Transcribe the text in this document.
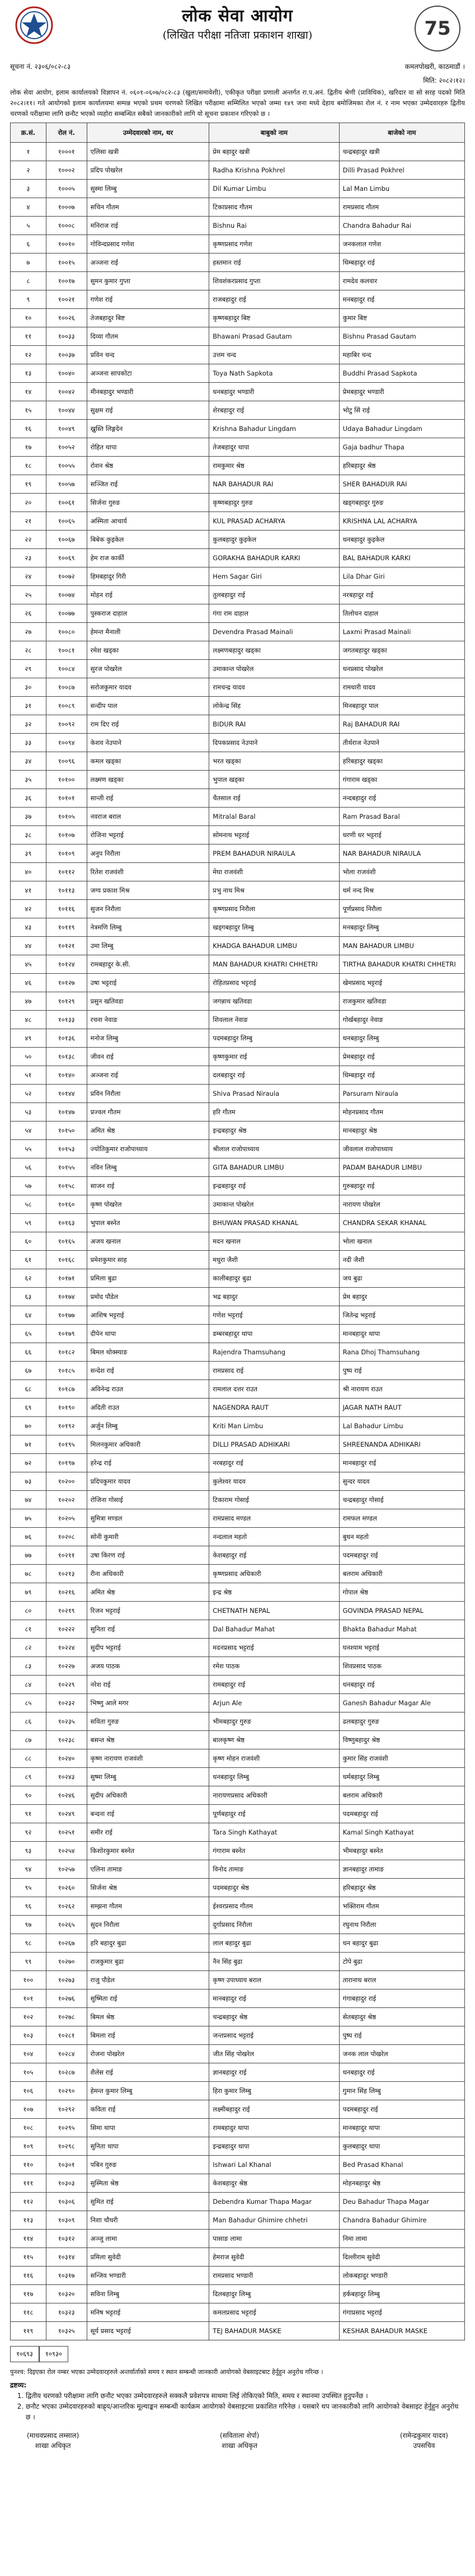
लोक सेवा आयोग
(लिखित परीक्षा नतिजा प्रकाशन शाखा)	75
सूचना नं. २३०६/०८२-८३	कमलपोखरी, काठमाडौं ।
मिति: २०८२।१२।
लोक सेवा आयोग, इलाम कार्यालयको विज्ञापन नं. ०६०१-०६०७/०८२-८३ (खुला/समावेशी), एकीकृत परीक्षा प्रणाली अन्तर्गत रा.प.अनं. द्वितीय श्रेणी (प्राविधिक), खरिदार वा सो सरह पदको मिति २०८२।११। गते आयोगको इलाम कार्यालयमा सम्पन्न भएको प्रथम चरणको लिखित परीक्षामा सम्मिलित भएको जम्मा १४९ जना मध्ये देहाय बमोजिमका रोल नं. र नाम भएका उम्मेदवारहरु द्वितीय चरणको परीक्षामा लागि छनौट भएको व्यहोरा सम्बन्धित सबैको जानकारीको लागि यो सूचना प्रकाशन गरिएको छ ।
क्र.सं.	रोल नं.	उम्मेदवारको नाम, थर	बाबुको नाम	बाजेको नाम
१	१०००१	एलिसा खत्री	प्रेम बहादुर खत्री	चन्द्रबहादुर खत्री
२	१०००२	प्रदिप पोखरेल	Radha Krishna Pokhrel	Dilli Prasad Pokhrel
३	१०००५	सुस्मा लिम्बु	Dil Kumar Limbu	Lal Man Limbu
४	१०००७	सचिन गौतम	टिकाप्रसाद गौतम	रामप्रसाद गौतम
५	१०००८	मनिराज राई	Bishnu Rai	Chandra Bahadur Rai
६	१००१०	गोविन्दप्रसाद गणेश	कृष्णप्रसाद गणेश	जनकलाल गणेश
७	१००१५	अञ्जना राई	हस्तमान राई	धिम्बहादुर राई
८	१००१७	सुमन कुमार गुप्ता	शिवशंकरप्रसाद गुप्ता	रामदेव कलवार
९	१००२१	गणेश राई	राजबहादुर राई	मनबहादुर राई
१०	१००२६	तेजबहादुर बिष्ट	कृष्णबहादुर बिष्ट	कुमार बिष्ट
११	१००३३	दिव्या गौतम	Bhawani Prasad Gautam	Bishnu Prasad Gautam
१२	१००३७	प्रविन चन्द	उत्तम चन्द	महाबिर चन्द
१३	१००४०	अञ्जना सापकोटा	Toya Nath Sapkota	Buddhi Prasad Sapkota
१४	१००४२	मीनबहादुर भण्डारी	धनबहादुर भण्डारी	प्रेमबहादुर भण्डारी
१५	१००४४	सुक्षम राई	शेरबहादुर राई	भोटु सिं राई
१६	१००४९	ख्रुस्ति लिङ्गदेन	Krishna Bahadur Lingdam	Udaya Bahadur Lingdam
१७	१००५२	रोहित थापा	तेजबहादुर थापा	Gaja badhur Thapa
१८	१००५५	रोशन श्रेष्ठ	रामकुमार श्रेष्ठ	हरिबहादुर श्रेष्ठ
१९	१००५७	सञ्जित राई	NAR BAHADUR RAI	SHER BAHADUR RAI
२०	१००६१	सिर्जना गुरुङ	कृष्णबहादुर गुरुङ	खड्गबहादुर गुरुङ
२१	१००६५	अस्मिता आचार्य	KUL PRASAD ACHARYA	KRISHNA LAL ACHARYA
२२	१००६७	बिबेक कुइकेल	कुलबहादुर कुइकेल	धनबहादुर कुइकेल
२३	१००६९	हेम राज कार्की	GORAKHA BAHADUR KARKI	BAL BAHADUR KARKI
२४	१००७२	हिमबहादुर गिरी	Hem Sagar Giri	Lila Dhar Giri
२५	१००७४	मोहन राई	तुलबहादुर राई	नरबहादुर राई
२६	१००७७	पुस्कराज दाहाल	गंगा राम दाहाल	तिलोचन दाहाल
२७	१००८०	हेमन्त मैनाली	Devendra Prasad Mainali	Laxmi Prasad Mainali
२८	१००८१	रमेश खड्का	लक्ष्मणबहादुर खड्का	जगतबहादुर खड्का
२९	१००८४	सुरज पोखरेल	उमाकान्त पोखरेल	धनप्रसाद पोखरेल
३०	१००८७	सरोजकुमार यादव	रामचन्द्र यादव	रामधारी यादव
३१	१००८९	सन्दीप पाल	लोकेन्द्र सिंह	मिनबहादुर पाल
३२	१००९२	राम दिए राई	BIDUR RAI	Raj BAHADUR RAI
३३	१००९४	केशव नेउपाने	दिपकप्रसाद नेउपाने	तीर्थराज नेउपाने
३४	१००९६	कमल खड्का	भरत खड्का	हरिबहादुर खड्का
३५	१०१००	लक्ष्मण खड्का	भुपाल खड्का	गंगाराम खड्का
३६	१०१०१	सान्ती राई	चैतसाल राई	नन्दबहादुर राई
३७	१०१०५	नवराज बराल	Mitralal Baral	Ram Prasad Baral
३८	१०१०७	रोजिना भट्टराई	सोमनाथ भट्टराई	धरणी धर भट्टराई
३९	१०१०९	अनुप निरौला	PREM BAHADUR NIRAULA	NAR BAHADUR NIRAULA
४०	१०११२	रितेश राजवंशी	मेघा राजवंशी	भोला राजवंशी
४१	१०११३	जग्य प्रकाश मिश्र	प्रभु नाथ मिश्र	धर्म नन्द मिश्र
४२	१०११६	सुजन निरौला	कृष्णप्रसाद निरौला	पूर्णप्रसाद निरौला
४३	१०११९	नेत्रमणि लिम्बु	खड्गबहादुर लिम्बु	मनबहादुर लिम्बु
४४	१०१२१	उमा लिम्बु	KHADGA BAHADUR LIMBU	MAN BAHADUR LIMBU
४५	१०१२४	रामबहादुर के.सी.	MAN BAHADUR KHATRI CHHETRI	TIRTHA BAHADUR KHATRI CHHETRI
४६	१०१२७	उषा भट्टराई	रोहितप्रसाद भट्टराई	खेमप्रसाद भट्टराई
४७	१०१२९	प्रसुन खतिवडा	जगन्नाथ खतिवडा	राजकुमार खतिवडा
४८	१०१३३	रचना नेवाङ	शिवलाल नेवाङ	गोर्खबहादुर नेवाङ
४९	१०१३६	मनोज लिम्बु	पदमबहादुर लिम्बु	धनबहादुर लिम्बु
५०	१०१३८	जीवन राई	कृष्णकुमार राई	प्रेमबहादुर राई
५१	१०१४०	अञ्जना राई	दलबहादुर राई	धिम्बहादुर राई
५२	१०१४४	प्रविन निरौला	Shiva Prasad Niraula	Parsuram Niraula
५३	१०१४७	प्रज्वल गौतम	हरि गौतम	मोहनप्रसाद गौतम
५४	१०१५०	अमित श्रेष्ठ	इन्द्रबहादुर श्रेष्ठ	मानबहादुर श्रेष्ठ
५५	१०१५३	ज्योतिकुमार राजोपाध्याय	श्रीलाल राजोपाध्याय	जीवलाल राजोपाध्याय
५६	१०१५५	नविन लिम्बु	GITA BAHADUR LIMBU	PADAM BAHADUR LIMBU
५७	१०१५८	साजन राई	इन्द्रबहादुर राई	गुरुबहादुर राई
५८	१०१६०	कृष्ण पोखरेल	उमाकान्त पोखरेल	नारायण पोखरेल
५९	१०१६३	भुपाल बस्नेत	BHUWAN PRASAD KHANAL	CHANDRA SEKAR KHANAL
६०	१०१६५	अजय खनाल	मदन खनाल	भोला खनाल
६१	१०१६८	प्रमेशकुमार साह	मधुरा जैशी	नदी जैशी
६२	१०१७१	प्रमिला बुढा	कालीबहादुर बुढा	जय बुढा
६३	१०१७४	प्रमोद पौडेल	भद्र बहादुर	प्रेम बहादुर
६४	१०१७७	आशिष भट्टराई	गणेश भट्टराई	जितेन्द्र भट्टराई
६५	१०१७९	दीपेन थापा	डम्बरबहादुर थापा	मानबहादुर थापा
६६	१०१८२	बिमल थोक्स्याङ	Rajendra Thamsuhang	Rana Dhoj Thamsuhang
६७	१०१८५	सन्देश राई	रामप्रसाद राई	पुष्प राई
६८	१०१८७	अविनेन्द्र राउत	रामलाल दत्तर राउत	श्री नारायण राउत
६९	१०१९०	अदिती राउत	NAGENDRA RAUT	JAGAR NATH RAUT
७०	१०१९२	अर्जुन लिम्बु	Kriti Man Limbu	Lal Bahadur Limbu
७१	१०१९५	मिलनकुमार अधिकारी	DILLI PRASAD ADHIKARI	SHREENANDA ADHIKARI
७२	१०१९७	हरेन्द्र राई	नरबहादुर राई	मानबहादुर राई
७३	१०२००	प्रदिपकुमार यादव	कुलेश्वर यादव	सुन्दर यादव
७४	१०२०२	रोजिना गोसाई	टिकाराम गोसाई	चन्द्रबहादुर गोसाई
७५	१०२०५	सुमित्रा मण्डल	रामप्रसाद मण्डल	रामफल मण्डल
७६	१०२०८	सोनी कुमारी	नन्दलाल महतो	बुधन महतो
७७	१०२११	उषा किरण राई	केशबहादुर राई	पदमबहादुर राई
७८	१०२१३	रीना अधिकारी	कृष्णप्रसाद अधिकारी	बलराम अधिकारी
७९	१०२१६	अमित श्रेष्ठ	इन्द्र श्रेष्ठ	गोपाल श्रेष्ठ
८०	१०२१९	रिजन भट्टराई	CHETNATH NEPAL	GOVINDA PRASAD NEPAL
८१	१०२२२	सुनिता राई	Dal Bahadur Mahat	Bhakta Bahadur Mahat
८२	१०२२४	सुदीप भट्टराई	मदनप्रसाद भट्टराई	घनश्याम भट्टराई
८३	१०२२७	अजय पाठक	रमेश पाठक	शिवप्रसाद पाठक
८४	१०२२९	नरेश राई	रामबहादुर राई	धनबहादुर राई
८५	१०२३२	भिष्णु आले मगर	Arjun Ale	Ganesh Bahadur Magar Ale
८६	१०२३५	सविता गुरुङ	भीमबहादुर गुरुङ	ढलबहादुर गुरुङ
८७	१०२३८	बसन्त श्रेष्ठ	बालकृष्ण श्रेष्ठ	विष्णुबहादुर श्रेष्ठ
८८	१०२४०	कृष्ण नारायण राजवंशी	कृष्ण मोहन राजवंशी	कुमार सिंह राजवंशी
८९	१०२४३	सुष्मा लिम्बु	धनबहादुर लिम्बु	धर्मबहादुर लिम्बु
९०	१०२४६	सुदीप अधिकारी	नारायणप्रसाद अधिकारी	बलराम अधिकारी
९१	१०२४९	बन्दना राई	पूर्णबहादुर राई	पदमबहादुर राई
९२	१०२५१	समीर राई	Tara Singh Kathayat	Kamal Singh Kathayat
९३	१०२५४	किशोरकुमार बस्नेत	गंगाराम बस्नेत	भीमबहादुर बस्नेत
९४	१०२५७	एलिना तामाङ	विनोद तामाङ	ज्ञानबहादुर तामाङ
९५	१०२६०	सिर्जना श्रेष्ठ	पदमबहादुर श्रेष्ठ	हरिबहादुर श्रेष्ठ
९६	१०२६२	सम्झना गौतम	ईश्वरप्रसाद गौतम	भक्तिराम गौतम
९७	१०२६५	सुदन निरौला	दुर्गाप्रसाद निरौला	रघुनाथ निरौला
९८	१०२६७	हरि बहादुर बुढा	लाल बहादुर बुढा	धन बहादुर बुढा
९९	१०२७०	राजकुमार बुढा	नैन सिंह बुढा	टोपे बुढा
१००	१०२७३	राजु पौडेल	कृष्ण उपाध्याय बराल	तारानाथ बराल
१०१	१०२७६	सुष्मिता राई	मानबहादुर राई	गंगाबहादुर राई
१०२	१०२७८	बिमल श्रेष्ठ	चन्द्रबहादुर श्रेष्ठ	सेतबहादुर श्रेष्ठ
१०३	१०२८१	बिमला राई	जन्तप्रसाद भट्टराई	पुष्प राई
१०४	१०२८४	रोजना पोखरेल	जीत सिंह पोखरेल	जनक लाल पोखरेल
१०५	१०२८७	शैलेस राई	ज्ञानबहादुर राई	धनबहादुर राई
१०६	१०२९०	हेमन्त कुमार लिम्बु	हिरा कुमार लिम्बु	गुमान सिंह लिम्बु
१०७	१०२९२	कविता राई	लक्ष्मीबहादुर राई	पदमबहादुर राई
१०८	१०२९५	सिमा थापा	रामबहादुर थापा	मानबहादुर थापा
१०९	१०२९८	सुनिता थापा	इन्द्रबहादुर थापा	कुलबहादुर थापा
११०	१०३०१	पबिन गुरुङ	Ishwari Lal Khanal	Bed Prasad Khanal
१११	१०३०३	सुस्मिता श्रेष्ठ	केशबहादुर श्रेष्ठ	मोहनबहादुर श्रेष्ठ
११२	१०३०६	सुमित राई	Debendra Kumar Thapa Magar	Deu Bahadur Thapa Magar
११३	१०३०९	निशा चौधरी	Man Bahadur Ghimire chhetri	Chandra Bahadur Ghimire
११४	१०३१२	अञ्जु लामा	पासाङ लामा	निमा लामा
११५	१०३१४	प्रमिला सुवेदी	हेमराज सुवेदी	दिल्लीराम सुवेदी
११६	१०३१७	सन्जिव भण्डारी	रामप्रसाद भण्डारी	लोकबहादुर भण्डारी
११७	१०३२०	सविना लिम्बु	दिलबहादुर लिम्बु	हर्कबहादुर लिम्बु
११८	१०३२३	मनिष भट्टराई	कमलप्रसाद भट्टराई	गंगाप्रसाद भट्टराई
११९	१०३२५	सूर्य प्रसाद भट्टराई	TEJ BAHADUR MASKE	KESHAR BAHADUR MASKE
१०६९३	१०९३०
पुनश्च: दिइएका रोल नम्बर भएका उम्मेदवारहरुले अन्तर्वार्ताको समय र स्थान सम्बन्धी जानकारी आयोगको वेबसाइटबाट हेर्नुहुन अनुरोध गरिन्छ ।
द्रष्टव्य:
1. द्वितीय चरणको परीक्षामा लागि छनौट भएका उम्मेदवारहरुले सक्कलै प्रवेशपत्र साथमा लिई तोकिएको मिति, समय र स्थानमा उपस्थित हुनुपर्नेछ ।
2. छनौट भएका उम्मेदवारहरुको बाह्र्य/आन्तरिक मूल्याङ्कन सम्बन्धी कार्यक्रम आयोगको वेबसाइटमा प्रकाशित गरिनेछ । यसबारे थप जानकारीको लागि आयोगको वेबसाइट हेर्नुहुन अनुरोध छ ।
(माधवप्रसाद लम्साल)
शाखा अधिकृत
(सविताला शेर्पा)
शाखा अधिकृत
(रामेन्द्रकुमार यादव)
उपसचिव
